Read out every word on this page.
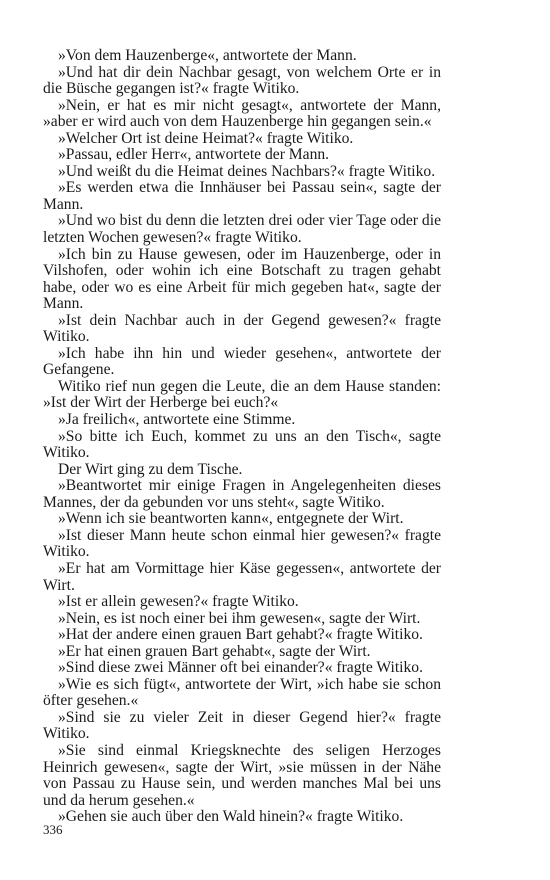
»Von dem Hauzenberge«, antwortete der Mann.

»Und hat dir dein Nachbar gesagt, von welchem Orte er in die Büsche gegangen ist?« fragte Witiko.

»Nein, er hat es mir nicht gesagt«, antwortete der Mann, »aber er wird auch von dem Hauzenberge hin gegangen sein.«

»Welcher Ort ist deine Heimat?« fragte Witiko.

»Passau, edler Herr«, antwortete der Mann.

»Und weißt du die Heimat deines Nachbars?« fragte Witiko.

»Es werden etwa die Innhäuser bei Passau sein«, sagte der Mann.

»Und wo bist du denn die letzten drei oder vier Tage oder die letzten Wochen gewesen?« fragte Witiko.

»Ich bin zu Hause gewesen, oder im Hauzenberge, oder in Vilshofen, oder wohin ich eine Botschaft zu tragen gehabt habe, oder wo es eine Arbeit für mich gegeben hat«, sagte der Mann.

»Ist dein Nachbar auch in der Gegend gewesen?« fragte Witiko.

»Ich habe ihn hin und wieder gesehen«, antwortete der Gefangene.

Witiko rief nun gegen die Leute, die an dem Hause standen: »Ist der Wirt der Herberge bei euch?«

»Ja freilich«, antwortete eine Stimme.

»So bitte ich Euch, kommet zu uns an den Tisch«, sagte Witiko.

Der Wirt ging zu dem Tische.

»Beantwortet mir einige Fragen in Angelegenheiten dieses Mannes, der da gebunden vor uns steht«, sagte Witiko.

»Wenn ich sie beantworten kann«, entgegnete der Wirt.

»Ist dieser Mann heute schon einmal hier gewesen?« fragte Witiko.

»Er hat am Vormittage hier Käse gegessen«, antwortete der Wirt.

»Ist er allein gewesen?« fragte Witiko.

»Nein, es ist noch einer bei ihm gewesen«, sagte der Wirt.

»Hat der andere einen grauen Bart gehabt?« fragte Witiko.

»Er hat einen grauen Bart gehabt«, sagte der Wirt.

»Sind diese zwei Männer oft bei einander?« fragte Witiko.

»Wie es sich fügt«, antwortete der Wirt, »ich habe sie schon öfter gesehen.«

»Sind sie zu vieler Zeit in dieser Gegend hier?« fragte Witiko.

»Sie sind einmal Kriegsknechte des seligen Herzoges Heinrich gewesen«, sagte der Wirt, »sie müssen in der Nähe von Passau zu Hause sein, und werden manches Mal bei uns und da herum gesehen.«

»Gehen sie auch über den Wald hinein?« fragte Witiko.

336
